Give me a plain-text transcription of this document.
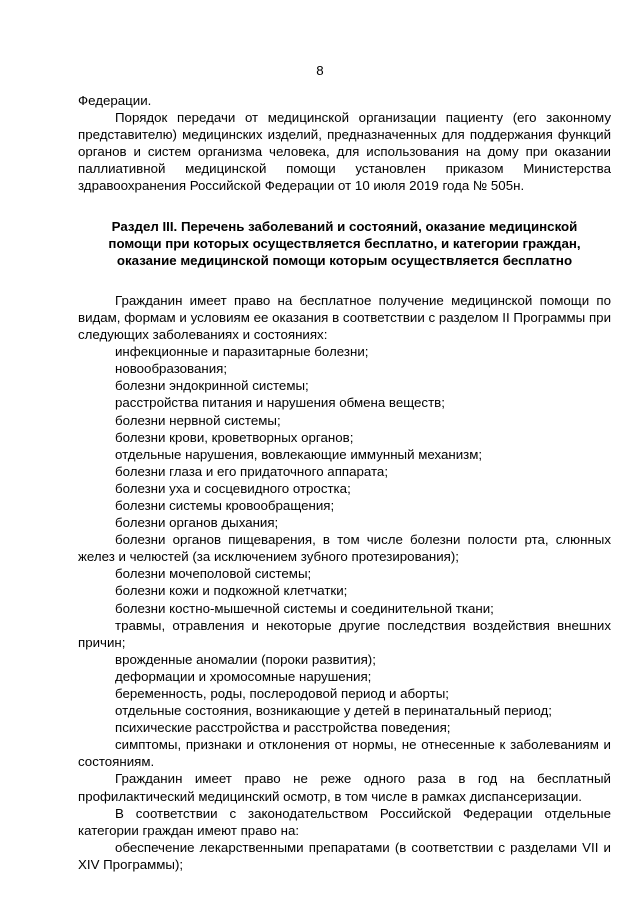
8

Федерации.

Порядок передачи от медицинской организации пациенту (его законному представителю) медицинских изделий, предназначенных для поддержания функций органов и систем организма человека, для использования на дому при оказании паллиативной медицинской помощи установлен приказом Министерства здравоохранения Российской Федерации от 10 июля 2019 года № 505н.

Раздел III. Перечень заболеваний и состояний, оказание медицинской
помощи при которых осуществляется бесплатно, и категории граждан,
оказание медицинской помощи которым осуществляется бесплатно

Гражданин имеет право на бесплатное получение медицинской помощи по видам, формам и условиям ее оказания в соответствии с разделом II Программы при следующих заболеваниях и состояниях:

инфекционные и паразитарные болезни;
новообразования;
болезни эндокринной системы;
расстройства питания и нарушения обмена веществ;
болезни нервной системы;
болезни крови, кроветворных органов;
отдельные нарушения, вовлекающие иммунный механизм;
болезни глаза и его придаточного аппарата;
болезни уха и сосцевидного отростка;
болезни системы кровообращения;
болезни органов дыхания;
болезни органов пищеварения, в том числе болезни полости рта, слюнных желез и челюстей (за исключением зубного протезирования);
болезни мочеполовой системы;
болезни кожи и подкожной клетчатки;
болезни костно-мышечной системы и соединительной ткани;
травмы, отравления и некоторые другие последствия воздействия внешних причин;
врожденные аномалии (пороки развития);
деформации и хромосомные нарушения;
беременность, роды, послеродовой период и аборты;
отдельные состояния, возникающие у детей в перинатальный период;
психические расстройства и расстройства поведения;
симптомы, признаки и отклонения от нормы, не отнесенные к заболеваниям и состояниям.

Гражданин имеет право не реже одного раза в год на бесплатный профилактический медицинский осмотр, в том числе в рамках диспансеризации.

В соответствии с законодательством Российской Федерации отдельные категории граждан имеют право на:

обеспечение лекарственными препаратами (в соответствии с разделами VII и XIV Программы);
